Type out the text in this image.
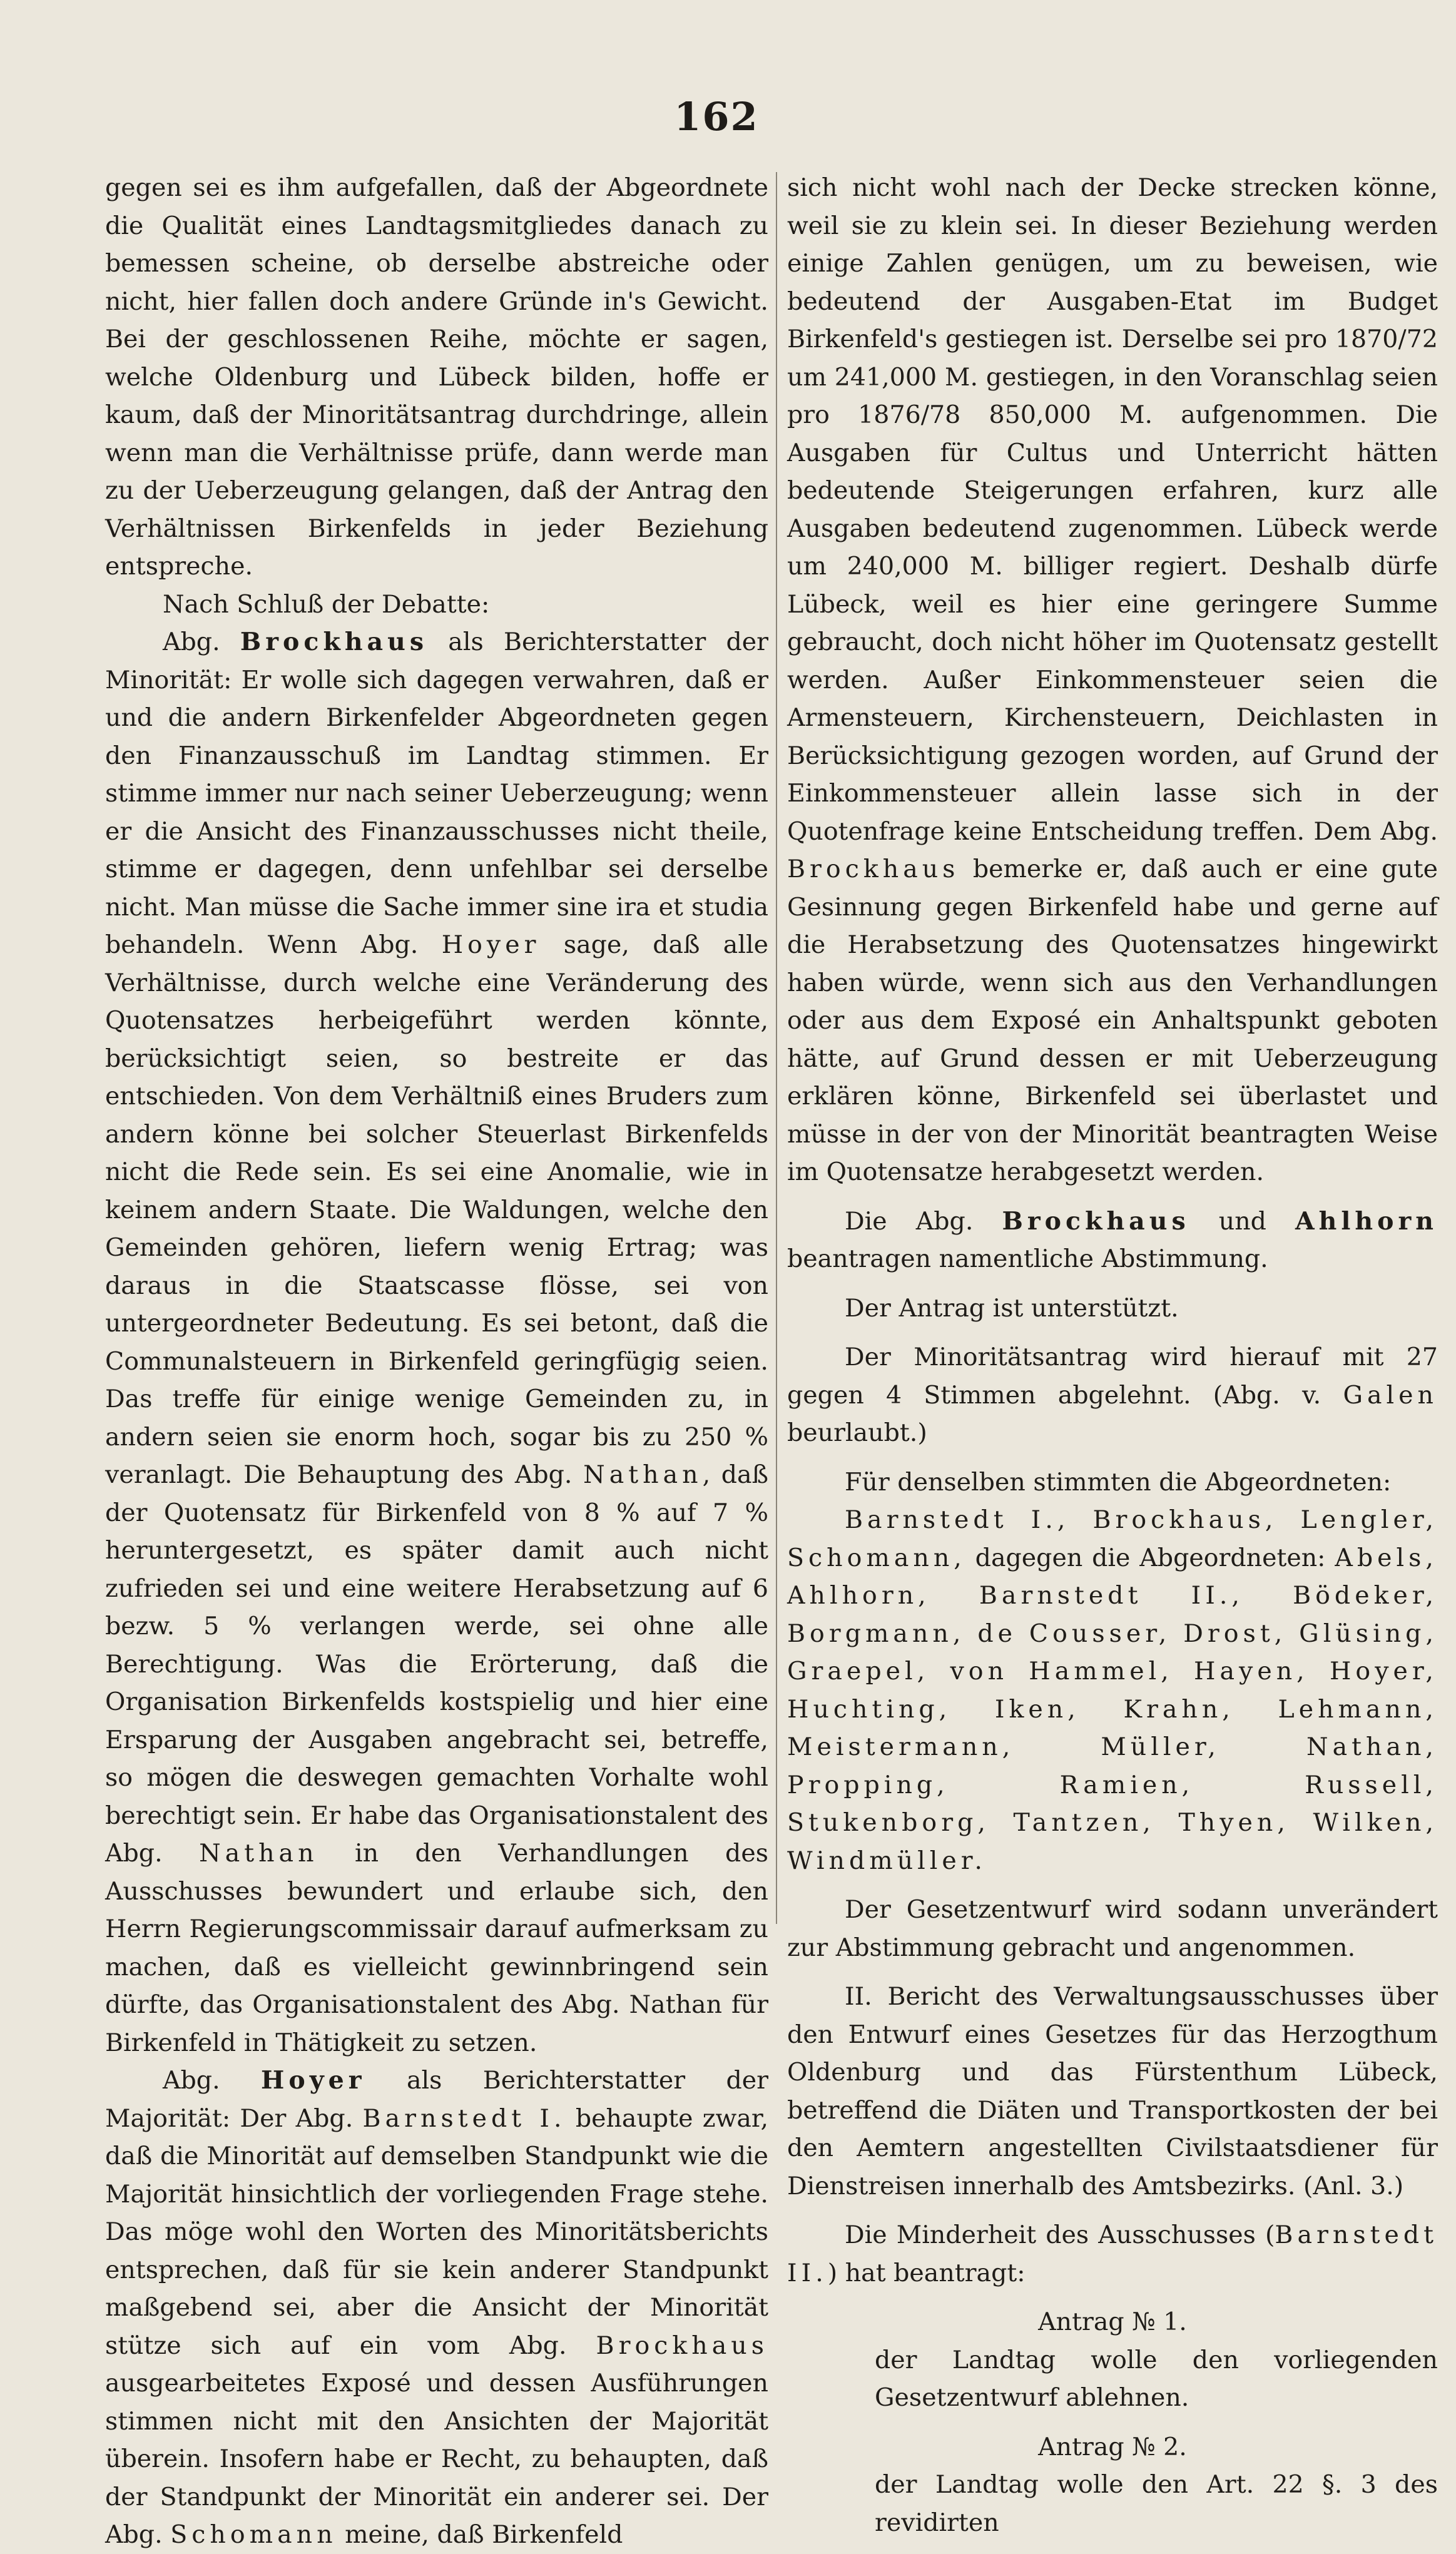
162

gegen sei es ihm aufgefallen, daß der Abgeordnete die Qualität eines Landtagsmitgliedes danach zu bemessen scheine, ob derselbe abstreiche oder nicht, hier fallen doch andere Gründe in's Gewicht. Bei der geschlossenen Reihe, möchte er sagen, welche Oldenburg und Lübeck bilden, hoffe er kaum, daß der Minoritätsantrag durchdringe, allein wenn man die Verhältnisse prüfe, dann werde man zu der Ueberzeugung gelangen, daß der Antrag den Verhältnissen Birkenfelds in jeder Beziehung entspreche.

Nach Schluß der Debatte:

Abg. Brockhaus als Berichterstatter der Minorität: Er wolle sich dagegen verwahren, daß er und die andern Birkenfelder Abgeordneten gegen den Finanzausschuß im Landtag stimmen. Er stimme immer nur nach seiner Ueberzeugung; wenn er die Ansicht des Finanzausschusses nicht theile, stimme er dagegen, denn unfehlbar sei derselbe nicht. Man müsse die Sache immer sine ira et studia behandeln. Wenn Abg. Hoyer sage, daß alle Verhältnisse, durch welche eine Veränderung des Quotensatzes herbeigeführt werden könnte, berücksichtigt seien, so bestreite er das entschieden. Von dem Verhältniß eines Bruders zum andern könne bei solcher Steuerlast Birkenfelds nicht die Rede sein. Es sei eine Anomalie, wie in keinem andern Staate. Die Waldungen, welche den Gemeinden gehören, liefern wenig Ertrag; was daraus in die Staatscasse flösse, sei von untergeordneter Bedeutung. Es sei betont, daß die Communalsteuern in Birkenfeld geringfügig seien. Das treffe für einige wenige Gemeinden zu, in andern seien sie enorm hoch, sogar bis zu 250 % veranlagt. Die Behauptung des Abg. Nathan, daß der Quotensatz für Birkenfeld von 8 % auf 7 % heruntergesetzt, es später damit auch nicht zufrieden sei und eine weitere Herabsetzung auf 6 bezw. 5 % verlangen werde, sei ohne alle Berechtigung. Was die Erörterung, daß die Organisation Birkenfelds kostspielig und hier eine Ersparung der Ausgaben angebracht sei, betreffe, so mögen die deswegen gemachten Vorhalte wohl berechtigt sein. Er habe das Organisationstalent des Abg. Nathan in den Verhandlungen des Ausschusses bewundert und erlaube sich, den Herrn Regierungscommissair darauf aufmerksam zu machen, daß es vielleicht gewinnbringend sein dürfte, das Organisationstalent des Abg. Nathan für Birkenfeld in Thätigkeit zu setzen.

Abg. Hoyer als Berichterstatter der Majorität: Der Abg. Barnstedt I. behaupte zwar, daß die Minorität auf demselben Standpunkt wie die Majorität hinsichtlich der vorliegenden Frage stehe. Das möge wohl den Worten des Minoritätsberichts entsprechen, daß für sie kein anderer Standpunkt maßgebend sei, aber die Ansicht der Minorität stütze sich auf ein vom Abg. Brockhaus ausgearbeitetes Exposé und dessen Ausführungen stimmen nicht mit den Ansichten der Majorität überein. Insofern habe er Recht, zu behaupten, daß der Standpunkt der Minorität ein anderer sei. Der Abg. Schomann meine, daß Birkenfeld

sich nicht wohl nach der Decke strecken könne, weil sie zu klein sei. In dieser Beziehung werden einige Zahlen genügen, um zu beweisen, wie bedeutend der Ausgaben-Etat im Budget Birkenfeld's gestiegen ist. Derselbe sei pro 1870/72 um 241,000 M. gestiegen, in den Voranschlag seien pro 1876/78 850,000 M. aufgenommen. Die Ausgaben für Cultus und Unterricht hätten bedeutende Steigerungen erfahren, kurz alle Ausgaben bedeutend zugenommen. Lübeck werde um 240,000 M. billiger regiert. Deshalb dürfe Lübeck, weil es hier eine geringere Summe gebraucht, doch nicht höher im Quotensatz gestellt werden. Außer Einkommensteuer seien die Armensteuern, Kirchensteuern, Deichlasten in Berücksichtigung gezogen worden, auf Grund der Einkommensteuer allein lasse sich in der Quotenfrage keine Entscheidung treffen. Dem Abg. Brockhaus bemerke er, daß auch er eine gute Gesinnung gegen Birkenfeld habe und gerne auf die Herabsetzung des Quotensatzes hingewirkt haben würde, wenn sich aus den Verhandlungen oder aus dem Exposé ein Anhaltspunkt geboten hätte, auf Grund dessen er mit Ueberzeugung erklären könne, Birkenfeld sei überlastet und müsse in der von der Minorität beantragten Weise im Quotensatze herabgesetzt werden.

Die Abg. Brockhaus und Ahlhorn beantragen namentliche Abstimmung.

Der Antrag ist unterstützt.

Der Minoritätsantrag wird hierauf mit 27 gegen 4 Stimmen abgelehnt. (Abg. v. Galen beurlaubt.)

Für denselben stimmten die Abgeordneten:

Barnstedt I., Brockhaus, Lengler, Schomann, dagegen die Abgeordneten: Abels, Ahlhorn, Barnstedt II., Bödeker, Borgmann, de Cousser, Drost, Glüsing, Graepel, von Hammel, Hayen, Hoyer, Huchting, Iken, Krahn, Lehmann, Meistermann, Müller, Nathan, Propping, Ramien, Russell, Stukenborg, Tantzen, Thyen, Wilken, Windmüller.

Der Gesetzentwurf wird sodann unverändert zur Abstimmung gebracht und angenommen.

II. Bericht des Verwaltungsausschusses über den Entwurf eines Gesetzes für das Herzogthum Oldenburg und das Fürstenthum Lübeck, betreffend die Diäten und Transportkosten der bei den Aemtern angestellten Civilstaatsdiener für Dienstreisen innerhalb des Amtsbezirks. (Anl. 3.)

Die Minderheit des Ausschusses (Barnstedt II.) hat beantragt:

Antrag № 1.

der Landtag wolle den vorliegenden Gesetzentwurf ablehnen.

Antrag № 2.

der Landtag wolle den Art. 22 §. 3 des revidirten
